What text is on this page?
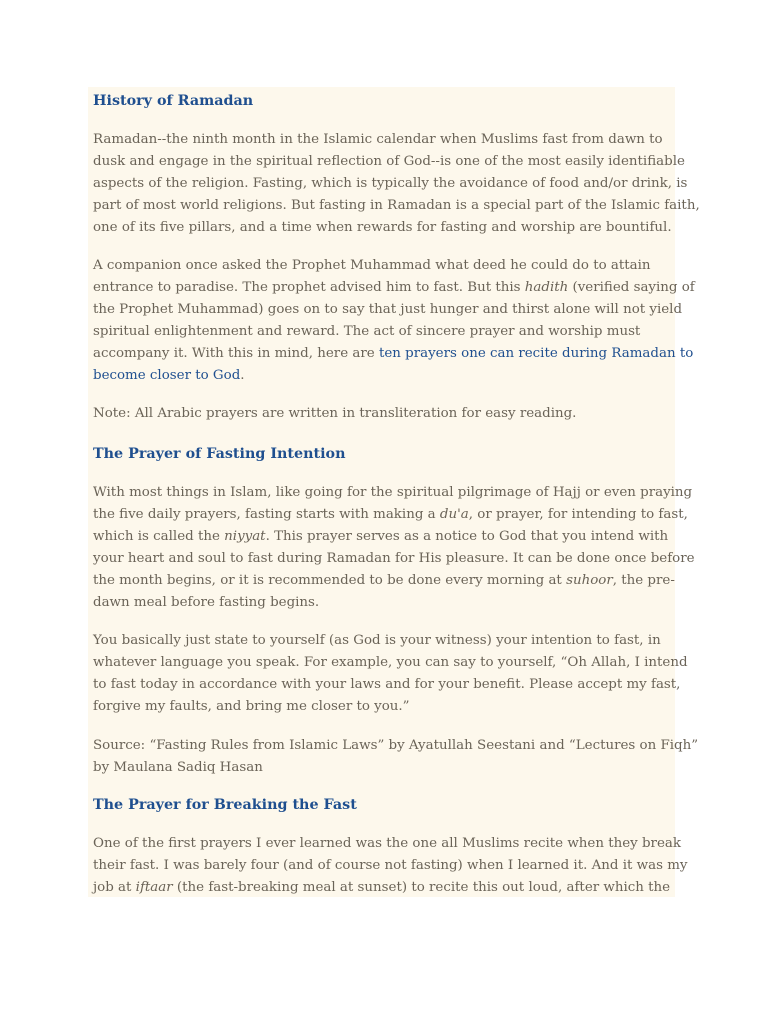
History of Ramadan

Ramadan--the ninth month in the Islamic calendar when Muslims fast from dawn to
dusk and engage in the spiritual reflection of God--is one of the most easily identifiable
aspects of the religion. Fasting, which is typically the avoidance of food and/or drink, is
part of most world religions. But fasting in Ramadan is a special part of the Islamic faith,
one of its five pillars, and a time when rewards for fasting and worship are bountiful.

A companion once asked the Prophet Muhammad what deed he could do to attain
entrance to paradise. The prophet advised him to fast. But this hadith (verified saying of
the Prophet Muhammad) goes on to say that just hunger and thirst alone will not yield
spiritual enlightenment and reward. The act of sincere prayer and worship must
accompany it. With this in mind, here are ten prayers one can recite during Ramadan to
become closer to God.

Note: All Arabic prayers are written in transliteration for easy reading.

The Prayer of Fasting Intention

With most things in Islam, like going for the spiritual pilgrimage of Hajj or even praying
the five daily prayers, fasting starts with making a du'a, or prayer, for intending to fast,
which is called the niyyat. This prayer serves as a notice to God that you intend with
your heart and soul to fast during Ramadan for His pleasure. It can be done once before
the month begins, or it is recommended to be done every morning at suhoor, the pre-
dawn meal before fasting begins.

You basically just state to yourself (as God is your witness) your intention to fast, in
whatever language you speak. For example, you can say to yourself, “Oh Allah, I intend
to fast today in accordance with your laws and for your benefit. Please accept my fast,
forgive my faults, and bring me closer to you.”

Source: “Fasting Rules from Islamic Laws” by Ayatullah Seestani and “Lectures on Fiqh”
by Maulana Sadiq Hasan

The Prayer for Breaking the Fast

One of the first prayers I ever learned was the one all Muslims recite when they break
their fast. I was barely four (and of course not fasting) when I learned it. And it was my
job at iftaar (the fast-breaking meal at sunset) to recite this out loud, after which the
